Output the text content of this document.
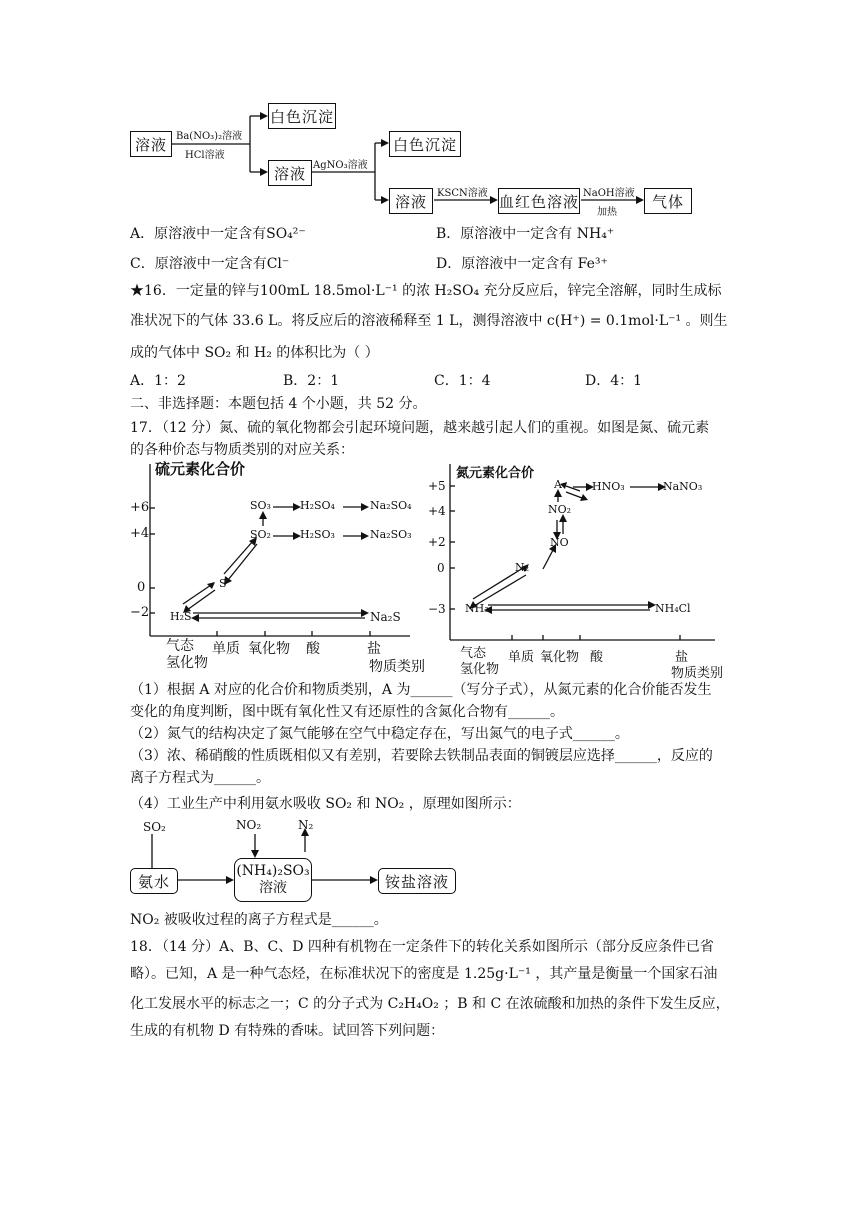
溶液 Ba(NO₃)₂溶液
HCl溶液
白色沉淀
溶液 AgNO₃溶液
白色沉淀
溶液	KSCN溶液 血红色溶液 NaOH溶液
加热
气体
A．原溶液中一定含有SO₄²⁻	B．原溶液中一定含有 NH₄⁺
C．原溶液中一定含有Cl⁻	D．原溶液中一定含有 Fe³⁺
★16．一定量的锌与100mL 18.5mol·L⁻¹ 的浓 H₂SO₄ 充分反应后，锌完全溶解，同时生成标
准状况下的气体 33.6 L。将反应后的溶液稀释至 1 L，测得溶液中 c(H⁺) = 0.1mol·L⁻¹ 。则生
成的气体中 SO₂ 和 H₂ 的体积比为（ ）
A．1：2	B．2：1	C．1：4	D．4：1
二、非选择题：本题包括 4 个小题，共 52 分。
17．（12 分）氮、硫的氧化物都会引起环境问题，越来越引起人们的重视。如图是氮、硫元素
的各种价态与物质类别的对应关系：
硫元素化合价
+6
+4
0
−2
SO₃	H₂SO₄	Na₂SO₄
SO₂	H₂SO₃	Na₂SO₃
S
H₂S	Na₂S
气态
氢化物
单质 氧化物 酸	盐
物质类别
氮元素化合价
+5
+4
+2
0
−3
A	HNO₃	NaNO₃
NO₂
NO
N₂
NH₃	NH₄Cl
气态
氢化物
单质 氧化物 酸	盐
物质类别
（1）根据 A 对应的化合价和物质类别，A 为______（写分子式），从氮元素的化合价能否发生
变化的角度判断，图中既有氧化性又有还原性的含氮化合物有______。
（2）氮气的结构决定了氮气能够在空气中稳定存在，写出氮气的电子式______。
（3）浓、稀硝酸的性质既相似又有差别，若要除去铁制品表面的铜镀层应选择______，反应的
离子方程式为______。
（4）工业生产中利用氨水吸收 SO₂ 和 NO₂ ，原理如图所示：
SO₂	NO₂	N₂
氨水
(NH₄)₂SO₃
溶液	铵盐溶液
NO₂ 被吸收过程的离子方程式是______。
18．（14 分）A、B、C、D 四种有机物在一定条件下的转化关系如图所示（部分反应条件已省
略）。已知，A 是一种气态烃，在标准状况下的密度是 1.25g·L⁻¹ ，其产量是衡量一个国家石油
化工发展水平的标志之一；C 的分子式为 C₂H₄O₂ ；B 和 C 在浓硫酸和加热的条件下发生反应，
生成的有机物 D 有特殊的香味。试回答下列问题：
